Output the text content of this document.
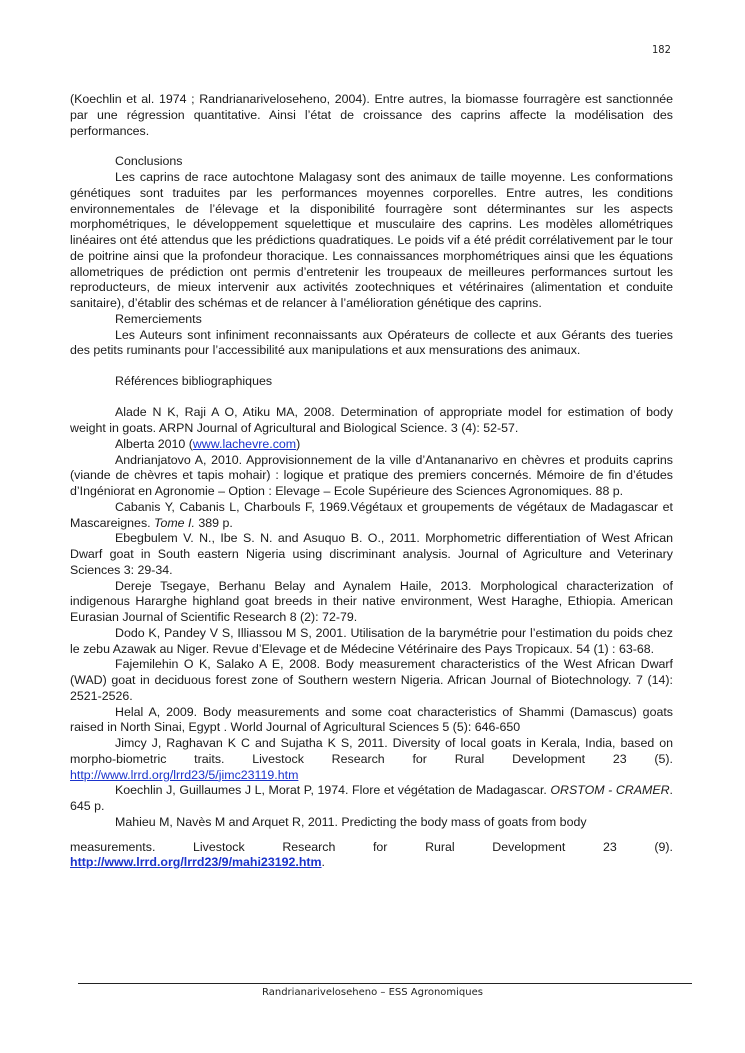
182

(Koechlin et al. 1974 ; Randrianariveloseheno, 2004). Entre autres, la biomasse fourragère est sanctionnée par une régression quantitative. Ainsi l’état de croissance des caprins affecte la modélisation des performances.

Conclusions

Les caprins de race autochtone Malagasy sont des animaux de taille moyenne. Les conformations génétiques sont traduites par les performances moyennes corporelles. Entre autres, les conditions environnementales de l’élevage et la disponibilité fourragère sont déterminantes sur les aspects morphométriques, le développement squelettique et musculaire des caprins. Les modèles allométriques linéaires ont été attendus que les prédictions quadratiques. Le poids vif a été prédit corrélativement par le tour de poitrine ainsi que la profondeur thoracique. Les connaissances morphométriques ainsi que les équations allometriques de prédiction ont permis d’entretenir les troupeaux de meilleures performances surtout les reproducteurs, de mieux intervenir aux activités zootechniques et vétérinaires (alimentation et conduite sanitaire), d’établir des schémas et de relancer à l’amélioration génétique des caprins.

Remerciements

Les Auteurs sont infiniment reconnaissants aux Opérateurs de collecte et aux Gérants des tueries des petits ruminants pour l’accessibilité aux manipulations et aux mensurations des animaux.

Références bibliographiques

Alade N K, Raji A O, Atiku MA, 2008. Determination of appropriate model for estimation of body weight in goats. ARPN Journal of Agricultural and Biological Science. 3 (4): 52-57.

Alberta 2010 (www.lachevre.com)

Andrianjatovo A, 2010. Approvisionnement de la ville d’Antananarivo en chèvres et produits caprins (viande de chèvres et tapis mohair) : logique et pratique des premiers concernés. Mémoire de fin d’études d’Ingéniorat en Agronomie – Option : Elevage – Ecole Supérieure des Sciences Agronomiques. 88 p.

Cabanis Y, Cabanis L, Charbouls F, 1969.Végétaux et groupements de végétaux de Madagascar et Mascareignes. Tome I. 389 p.

Ebegbulem V. N., Ibe S. N. and Asuquo B. O., 2011. Morphometric differentiation of West African Dwarf goat in South eastern Nigeria using discriminant analysis. Journal of Agriculture and Veterinary Sciences 3: 29-34.

Dereje Tsegaye, Berhanu Belay and Aynalem Haile, 2013. Morphological characterization of indigenous Hararghe highland goat breeds in their native environment, West Haraghe, Ethiopia. American Eurasian Journal of Scientific Research 8 (2): 72-79.

Dodo K, Pandey V S, Illiassou M S, 2001. Utilisation de la barymétrie pour l’estimation du poids chez le zebu Azawak au Niger. Revue d’Elevage et de Médecine Vétérinaire des Pays Tropicaux. 54 (1) : 63-68.

Fajemilehin O K, Salako A E, 2008. Body measurement characteristics of the West African Dwarf (WAD) goat in deciduous forest zone of Southern western Nigeria. African Journal of Biotechnology. 7 (14): 2521-2526.

Helal A, 2009. Body measurements and some coat characteristics of Shammi (Damascus) goats raised in North Sinai, Egypt . World Journal of Agricultural Sciences 5 (5): 646-650

Jimcy J, Raghavan K C and Sujatha K S, 2011. Diversity of local goats in Kerala, India, based on morpho-biometric traits. Livestock Research for Rural Development 23 (5). http://www.lrrd.org/lrrd23/5/jimc23119.htm

Koechlin J, Guillaumes J L, Morat P, 1974. Flore et végétation de Madagascar. ORSTOM - CRAMER. 645 p.

Mahieu M, Navès M and Arquet R, 2011. Predicting the body mass of goats from body

measurements.	Livestock	Research	for	Rural	Development	23	(9).

http://www.lrrd.org/lrrd23/9/mahi23192.htm.

Randrianariveloseheno – ESS Agronomiques
